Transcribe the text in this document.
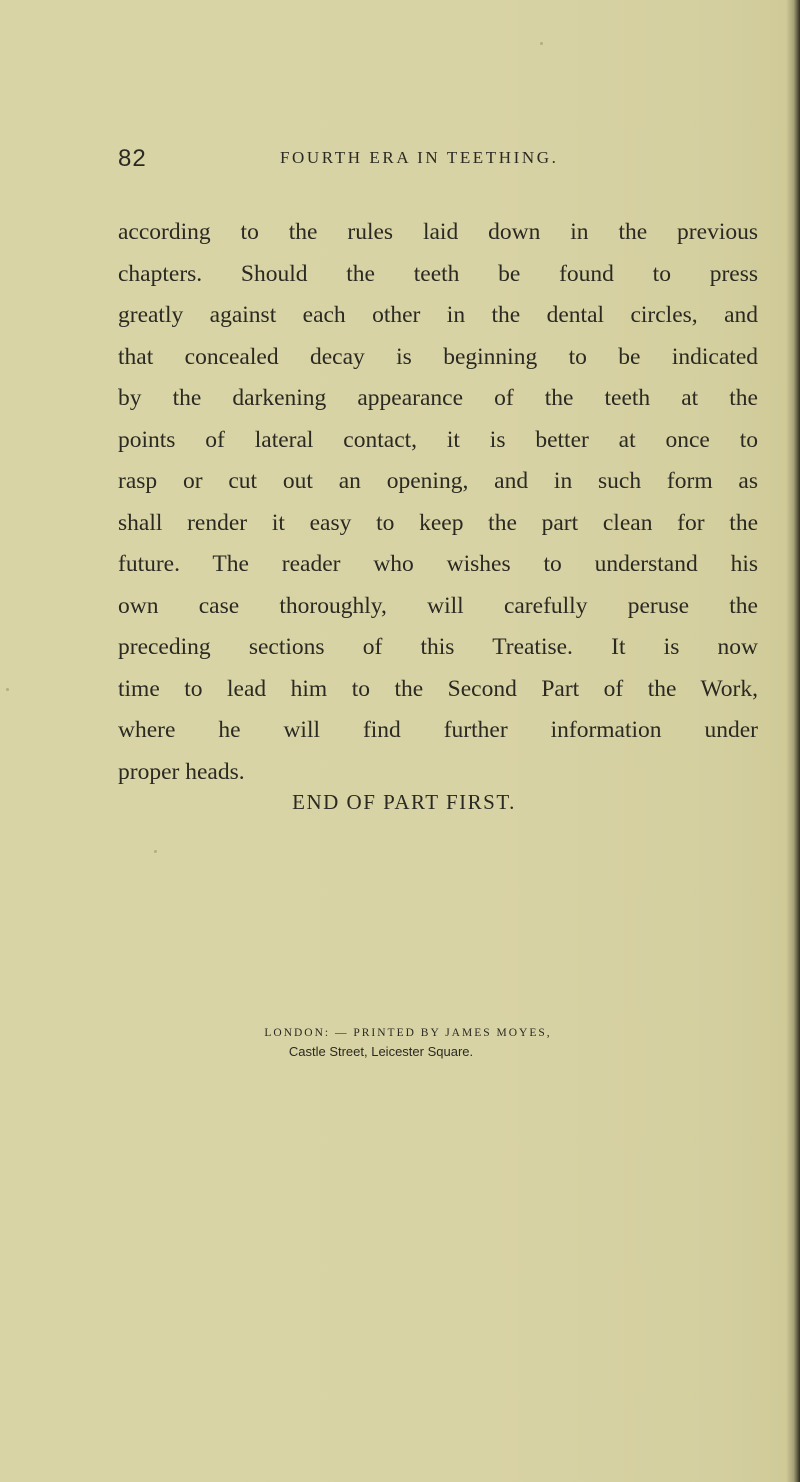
82	FOURTH ERA IN TEETHING.
according to the rules laid down in the previous
chapters. Should the teeth be found to press
greatly against each other in the dental circles, and
that concealed decay is beginning to be indicated
by the darkening appearance of the teeth at the
points of lateral contact, it is better at once to
rasp or cut out an opening, and in such form as
shall render it easy to keep the part clean for the
future. The reader who wishes to understand his
own case thoroughly, will carefully peruse the
preceding sections of this Treatise. It is now
time to lead him to the Second Part of the Work,
where he will find further information under
proper heads.
END OF PART FIRST.
LONDON: — PRINTED BY JAMES MOYES,
Castle Street, Leicester Square.
